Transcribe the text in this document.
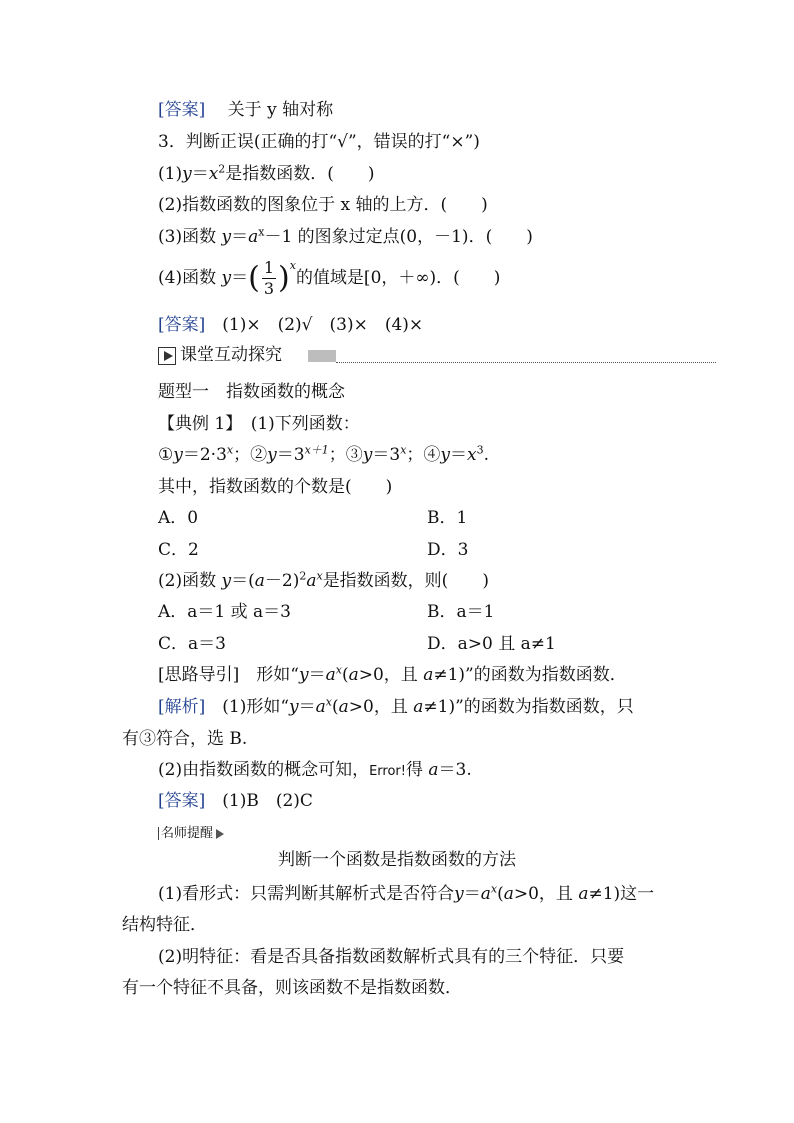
[答案] 　 关于 y 轴对称
3．判断正误(正确的打“√”，错误的打“×”)
$(1)y=x^2$是指数函数．(　　)
(2)指数函数的图象位于 x 轴的上方．(　　)
(3)函数 $y=a^x-1$ 的图象过定点(0，－1)．(　　)
(4)函数 $y=( \frac{1}{3} )^x$的值域是[0，＋∞)．(　　)
[答案]　 (1)×　(2)√　(3)×　(4)×
课堂互动探究
题型一　指数函数的概念
【典例 1】　(1)下列函数：
$①y=2\cdot 3^x$；$②y=3^{x+1}$；$③y=3^x$；$④y=x^3$.
其中，指数函数的个数是(　　)
A．0	B．1
C．2	D．3
(2)函数 $y=(a-2)^2a^x$是指数函数，则(　　)
A．a＝1 或 a＝3	B．a＝1
C．a＝3	D．a>0 且 a≠1
[思路导引]　形如“$y=a^x(a>0$，且 a≠1)”的函数为指数函数．
[解析]　(1)形如“$y=a^x(a>0$，且 a≠1)”的函数为指数函数，只
有③符合，选 B.
(2)由指数函数的概念可知，Error!得 a＝3.
[答案]　 (1)B　(2)C
名师提醒
判断一个函数是指数函数的方法
(1)看形式：只需判断其解析式是否符合$y=a^x(a>0$，且 a≠1)这一
结构特征．
(2)明特征：看是否具备指数函数解析式具有的三个特征．只要
有一个特征不具备，则该函数不是指数函数．
